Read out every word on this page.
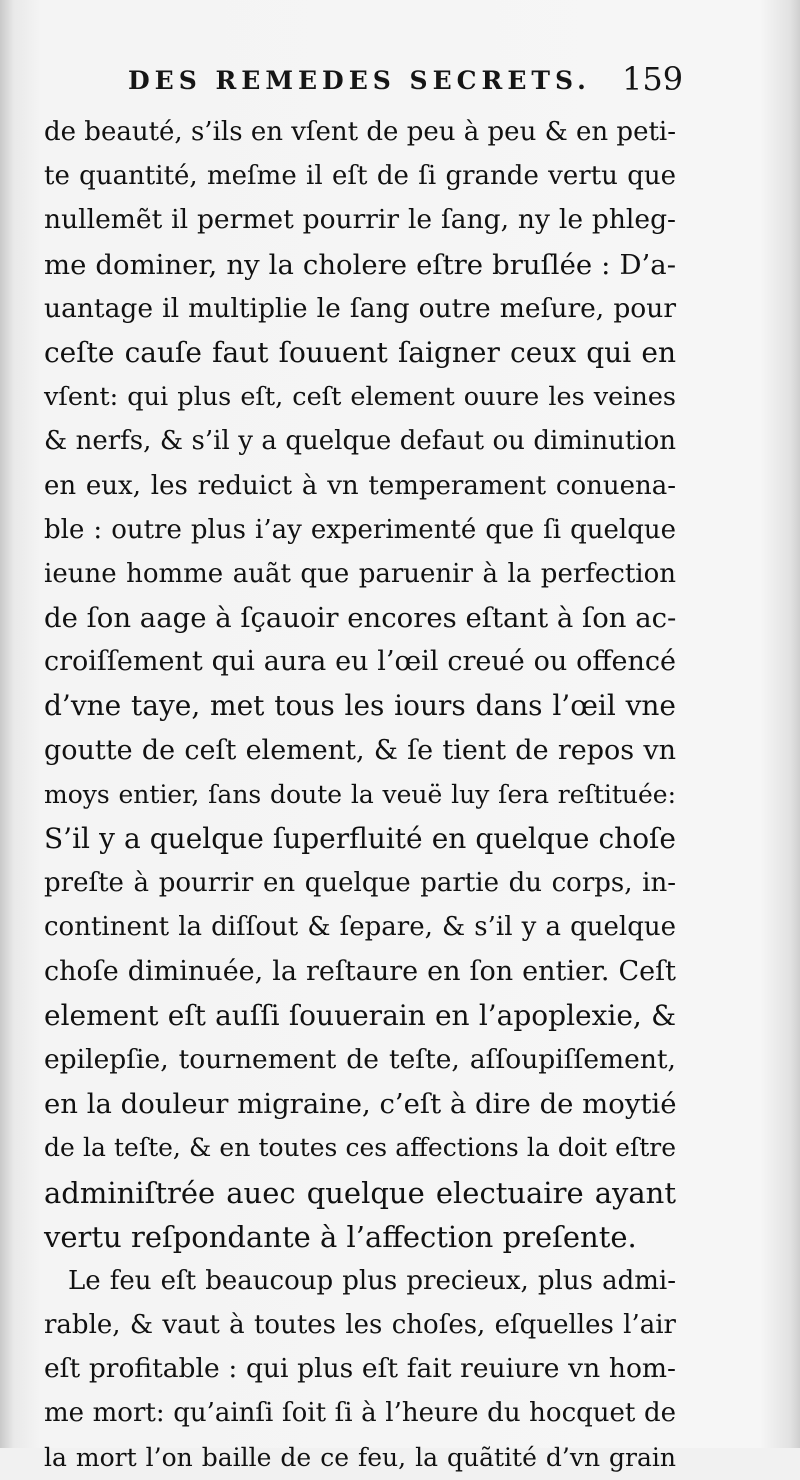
DES REMEDES SECRETS. 159
de beauté, s’ils en vſent de peu à peu & en peti-
te quantité, meſme il eſt de ſi grande vertu que
nullemẽt il permet pourrir le ſang, ny le phleg-
me dominer, ny la cholere eſtre bruſlée : D’a-
uantage il multiplie le ſang outre meſure, pour
ceſte cauſe faut ſouuent ſaigner ceux qui en
vſent: qui plus eſt, ceſt element ouure les veines
& nerfs, & s’il y a quelque defaut ou diminution
en eux, les reduict à vn temperament conuena-
ble : outre plus i’ay experimenté que ſi quelque
ieune homme auãt que paruenir à la perfection
de ſon aage à ſçauoir encores eſtant à ſon ac-
croiſſement qui aura eu l’œil creué ou offencé
d’vne taye, met tous les iours dans l’œil vne
goutte de ceſt element, & ſe tient de repos vn
moys entier, ſans doute la veuë luy ſera reſtituée:
S’il y a quelque ſuperfluité en quelque choſe
preſte à pourrir en quelque partie du corps, in-
continent la diſſout & ſepare, & s’il y a quelque
choſe diminuée, la reſtaure en ſon entier. Ceſt
element eſt auſſi ſouuerain en l’apoplexie, &
epilepſie, tournement de teſte, aſſoupiſſement,
en la douleur migraine, c’eſt à dire de moytié
de la teſte, & en toutes ces affections la doit eſtre
adminiſtrée auec quelque electuaire ayant
vertu reſpondante à l’affection preſente.
Le feu eſt beaucoup plus precieux, plus admi-
rable, & vaut à toutes les choſes, eſquelles l’air
eſt profitable : qui plus eſt fait reuiure vn hom-
me mort: qu’ainſi ſoit ſi à l’heure du hocquet de
la mort l’on baille de ce feu, la quãtité d’vn grain
